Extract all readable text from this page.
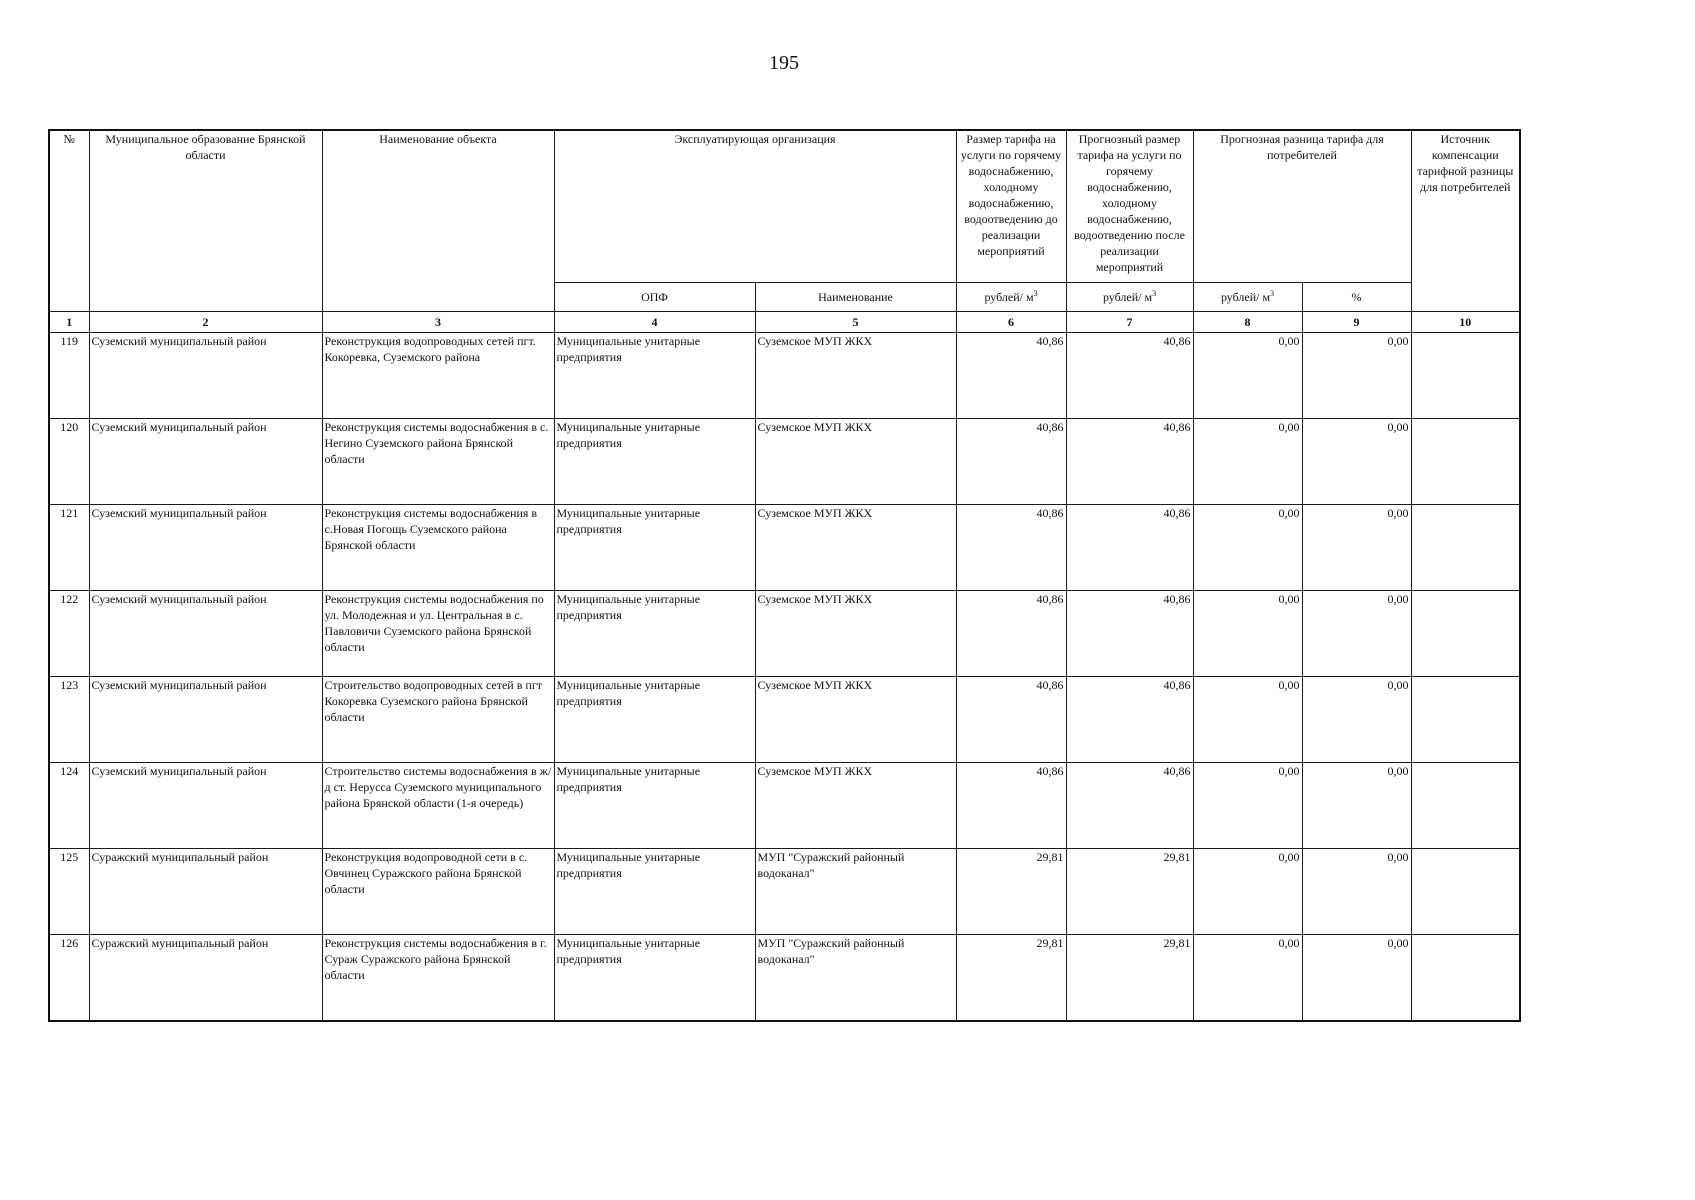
195
№	Муниципальное образование Брянской области	Наименование объекта	Эксплуатирующая организация		Размер тарифа на услуги по горячему водоснабжению, холодному водоснабжению, водоотведению до реализации мероприятий	Прогнозный размер тарифа на услуги по горячему водоснабжению, холодному водоснабжению, водоотведению после реализации мероприятий	Прогнозная разница тарифа для потребителей		Источник компенсации тарифной разницы для потребителей
			ОПФ	Наименование	рублей/ $м^3$	рублей/ $м^3$	рублей/ $м^3$	%	
1	2	3	4	5	6	7	8	9	10
119	Суземский муниципальный район	Реконструкция водопроводных сетей пгт. Кокоревка, Суземского района	Муниципальные унитарные предприятия	Суземское МУП ЖКХ	40,86	40,86	0,00	0,00	
120	Суземский муниципальный район	Реконструкция системы водоснабжения в с. Негино Суземского района Брянской области	Муниципальные унитарные предприятия	Суземское МУП ЖКХ	40,86	40,86	0,00	0,00	
121	Суземский муниципальный район	Реконструкция системы водоснабжения в с.Новая Погощь Суземского района Брянской области	Муниципальные унитарные предприятия	Суземское МУП ЖКХ	40,86	40,86	0,00	0,00	
122	Суземский муниципальный район	Реконструкция системы водоснабжения по ул. Молодежная и ул. Центральная в с. Павловичи Суземского района Брянской области	Муниципальные унитарные предприятия	Суземское МУП ЖКХ	40,86	40,86	0,00	0,00	
123	Суземский муниципальный район	Строительство водопроводных сетей в пгт Кокоревка Суземского района Брянской области	Муниципальные унитарные предприятия	Суземское МУП ЖКХ	40,86	40,86	0,00	0,00	
124	Суземский муниципальный район	Строительство системы водоснабжения в ж/д ст. Нерусса Суземского муниципального района Брянской области (1-я очередь)	Муниципальные унитарные предприятия	Суземское МУП ЖКХ	40,86	40,86	0,00	0,00	
125	Суражский муниципальный район	Реконструкция водопроводной сети в с. Овчинец Суражского района Брянской области	Муниципальные унитарные предприятия	МУП "Суражский районный водоканал"	29,81	29,81	0,00	0,00	
126	Суражский муниципальный район	Реконструкция системы водоснабжения в г. Сураж Суражского района Брянской области	Муниципальные унитарные предприятия	МУП "Суражский районный водоканал"	29,81	29,81	0,00	0,00	
